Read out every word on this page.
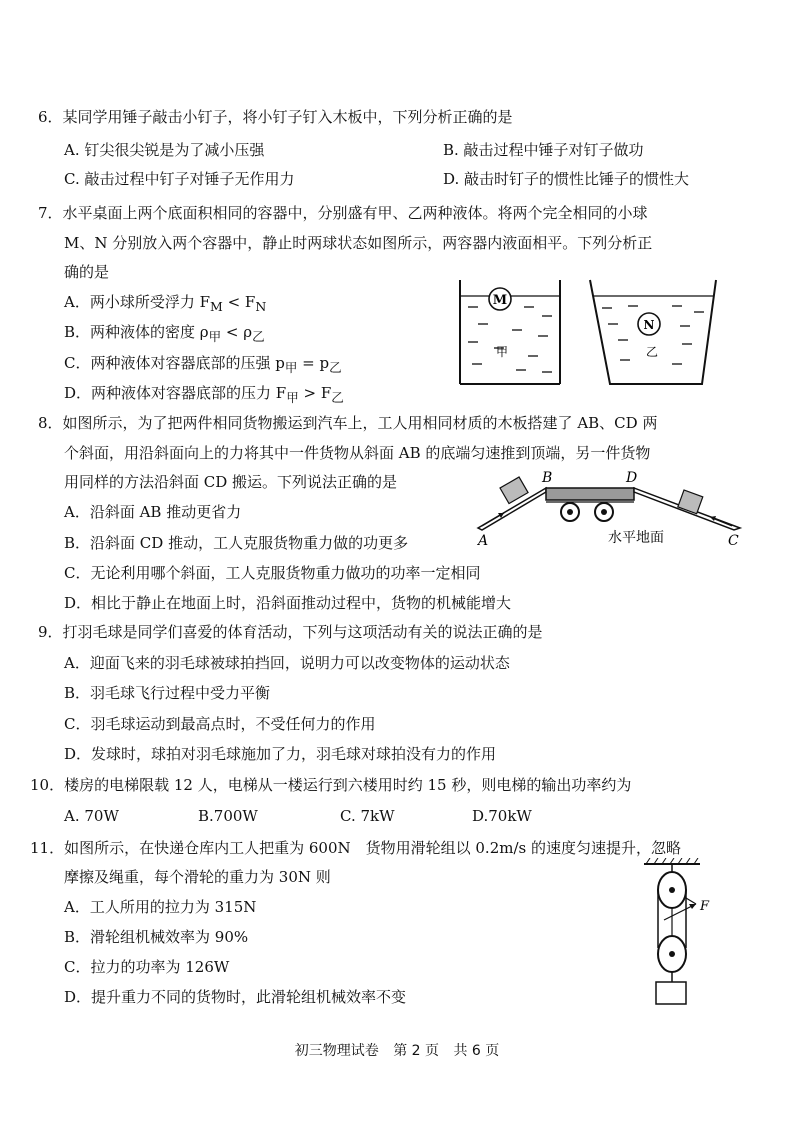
6．某同学用锤子敲击小钉子，将小钉子钉入木板中，下列分析正确的是
A. 钉尖很尖锐是为了减小压强	B. 敲击过程中锤子对钉子做功
C. 敲击过程中钉子对锤子无作用力	D. 敲击时钉子的惯性比锤子的惯性大
7．水平桌面上两个底面积相同的容器中，分别盛有甲、乙两种液体。将两个完全相同的小球
M、N 分别放入两个容器中，静止时两球状态如图所示，两容器内液面相平。下列分析正
确的是
A．两小球所受浮力 $F_M < F_N$
B．两种液体的密度 $\rho_甲 < \rho_乙$
C．两种液体对容器底部的压强 $p_甲 = p_乙$
D．两种液体对容器底部的压力 $F_甲 > F_乙$
M
甲
N
乙
8．如图所示，为了把两件相同货物搬运到汽车上，工人用相同材质的木板搭建了 AB、CD 两
个斜面，用沿斜面向上的力将其中一件货物从斜面 AB 的底端匀速推到顶端，另一件货物
用同样的方法沿斜面 CD 搬运。下列说法正确的是
A．沿斜面 AB 推动更省力
B．沿斜面 CD 推动，工人克服货物重力做的功更多
C．无论利用哪个斜面，工人克服货物重力做功的功率一定相同
D．相比于静止在地面上时，沿斜面推动过程中，货物的机械能增大
B	D
A	水平地面	C
9．打羽毛球是同学们喜爱的体育活动，下列与这项活动有关的说法正确的是
A．迎面飞来的羽毛球被球拍挡回，说明力可以改变物体的运动状态
B．羽毛球飞行过程中受力平衡
C．羽毛球运动到最高点时，不受任何力的作用
D．发球时，球拍对羽毛球施加了力，羽毛球对球拍没有力的作用
10．楼房的电梯限载 12 人，电梯从一楼运行到六楼用时约 15 秒，则电梯的输出功率约为
A. 70W	B.700W	C. 7kW	D.70kW
11．如图所示，在快递仓库内工人把重为 600N　货物用滑轮组以 0.2m/s 的速度匀速提升，忽略
摩擦及绳重，每个滑轮的重力为 30N 则
A．工人所用的拉力为 315N
B．滑轮组机械效率为 90%
C．拉力的功率为 126W
D．提升重力不同的货物时，此滑轮组机械效率不变
F
初三物理试卷 第 2 页 共 6 页
